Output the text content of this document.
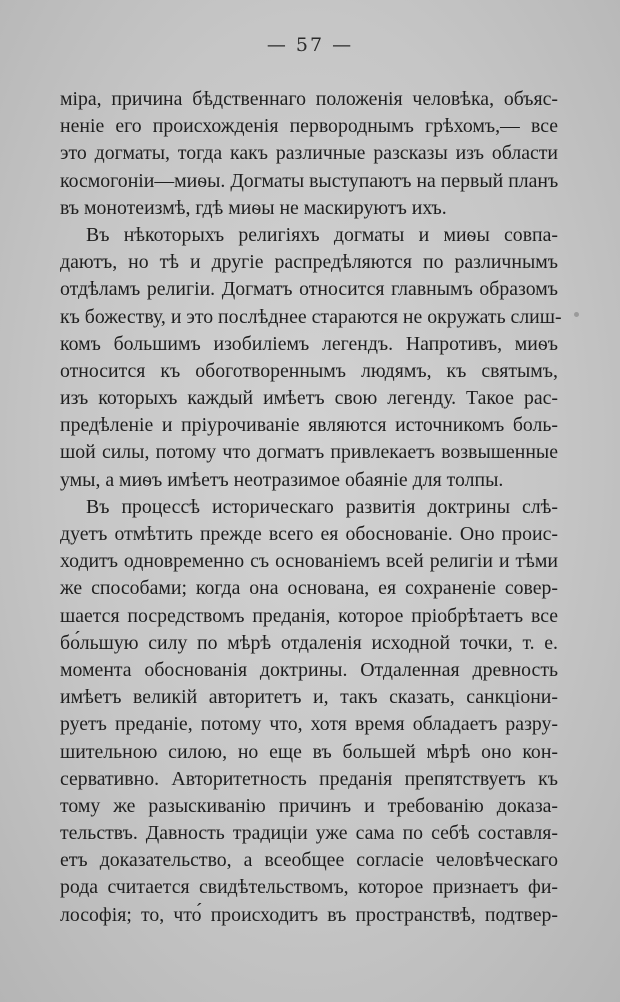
— 57 —
міра, причина бѣдственнаго положенія человѣка, объяс-
неніе его происхожденія первороднымъ грѣхомъ,— все
это догматы, тогда какъ различные разсказы изъ области
космогоніи—миѳы. Догматы выступаютъ на первый планъ
въ монотеизмѣ, гдѣ миѳы не маскируютъ ихъ.
Въ нѣкоторыхъ религіяхъ догматы и миѳы совпа-
даютъ, но тѣ и другіе распредѣляются по различнымъ
отдѣламъ религіи. Догматъ относится главнымъ образомъ
къ божеству, и это послѣднее стараются не окружать слиш-
комъ большимъ изобиліемъ легендъ. Напротивъ, миѳъ
относится къ обоготвореннымъ людямъ, къ святымъ,
изъ которыхъ каждый имѣетъ свою легенду. Такое рас-
предѣленіе и пріурочиваніе являются источникомъ боль-
шой силы, потому что догматъ привлекаетъ возвышенные
умы, а миѳъ имѣетъ неотразимое обаяніе для толпы.
Въ процессѣ историческаго развитія доктрины слѣ-
дуетъ отмѣтить прежде всего ея обоснованіе. Оно проис-
ходитъ одновременно съ основаніемъ всей религіи и тѣми
же способами; когда она основана, ея сохраненіе совер-
шается посредствомъ преданія, которое пріобрѣтаетъ все
бо́льшую силу по мѣрѣ отдаленія исходной точки, т. е.
момента обоснованія доктрины. Отдаленная древность
имѣетъ великій авторитетъ и, такъ сказать, санкціони-
руетъ преданіе, потому что, хотя время обладаетъ разру-
шительною силою, но еще въ большей мѣрѣ оно кон-
сервативно. Авторитетность преданія препятствуетъ къ
тому же разыскиванію причинъ и требованію доказа-
тельствъ. Давность традиціи уже сама по себѣ составля-
етъ доказательство, а всеобщее согласіе человѣческаго
рода считается свидѣтельствомъ, которое признаетъ фи-
лософія; то, что́ происходитъ въ пространствѣ, подтвер-
